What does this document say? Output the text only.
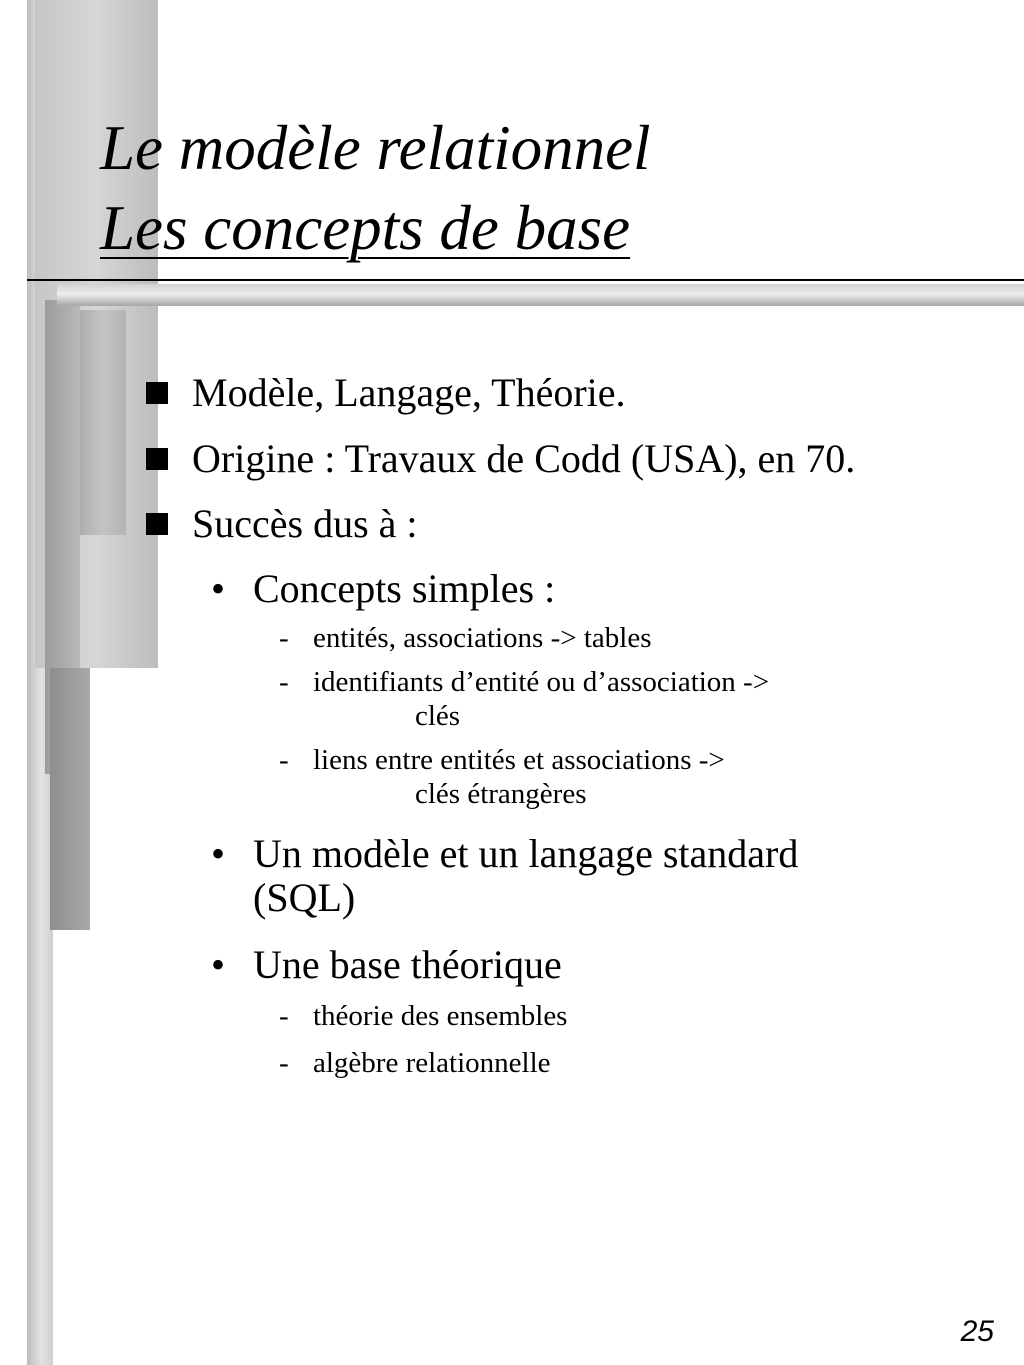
Le modèle relationnel
Les concepts de base
Modèle, Langage, Théorie.
Origine : Travaux de Codd (USA), en 70.
Succès dus à :
• Concepts simples :
- entités, associations -> tables
- identifiants d’entité ou d’association ->
clés
- liens entre entités et associations ->
clés étrangères
• Un modèle et un langage standard
(SQL)
• Une base théorique
- théorie des ensembles
- algèbre relationnelle
25
